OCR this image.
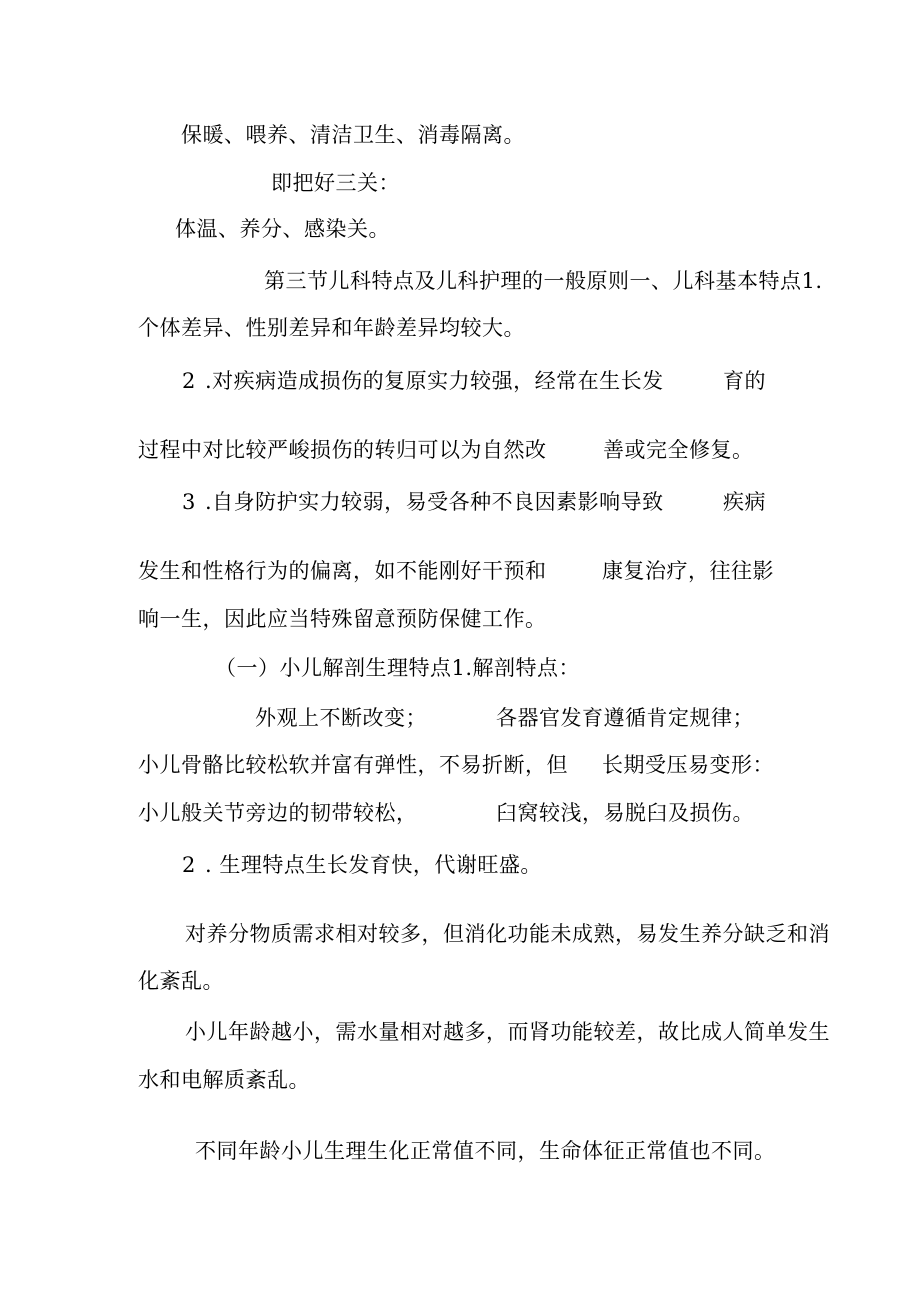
保暖、喂养、清洁卫生、消毒隔离。
即把好三关：
体温、养分、感染关。
第三节儿科特点及儿科护理的一般原则一、儿科基本特点1.
个体差异、性别差异和年龄差异均较大。
2 .对疾病造成损伤的复原实力较强，经常在生长发	育的
过程中对比较严峻损伤的转归可以为自然改	善或完全修复。
3 .自身防护实力较弱，易受各种不良因素影响导致	疾病
发生和性格行为的偏离，如不能刚好干预和	康复治疗，往往影
响一生，因此应当特殊留意预防保健工作。
（一）小儿解剖生理特点1.解剖特点：
外观上不断改变；	各器官发育遵循肯定规律；
小儿骨骼比较松软并富有弹性，不易折断，但 长期受压易变形：
小儿般关节旁边的韧带较松，	臼窝较浅，易脱臼及损伤。
2 . 生理特点生长发育快，代谢旺盛。
对养分物质需求相对较多，但消化功能未成熟，易发生养分缺乏和消
化紊乱。
小儿年龄越小，需水量相对越多，而肾功能较差，故比成人简单发生
水和电解质紊乱。
不同年龄小儿生理生化正常值不同，生命体征正常值也不同。
